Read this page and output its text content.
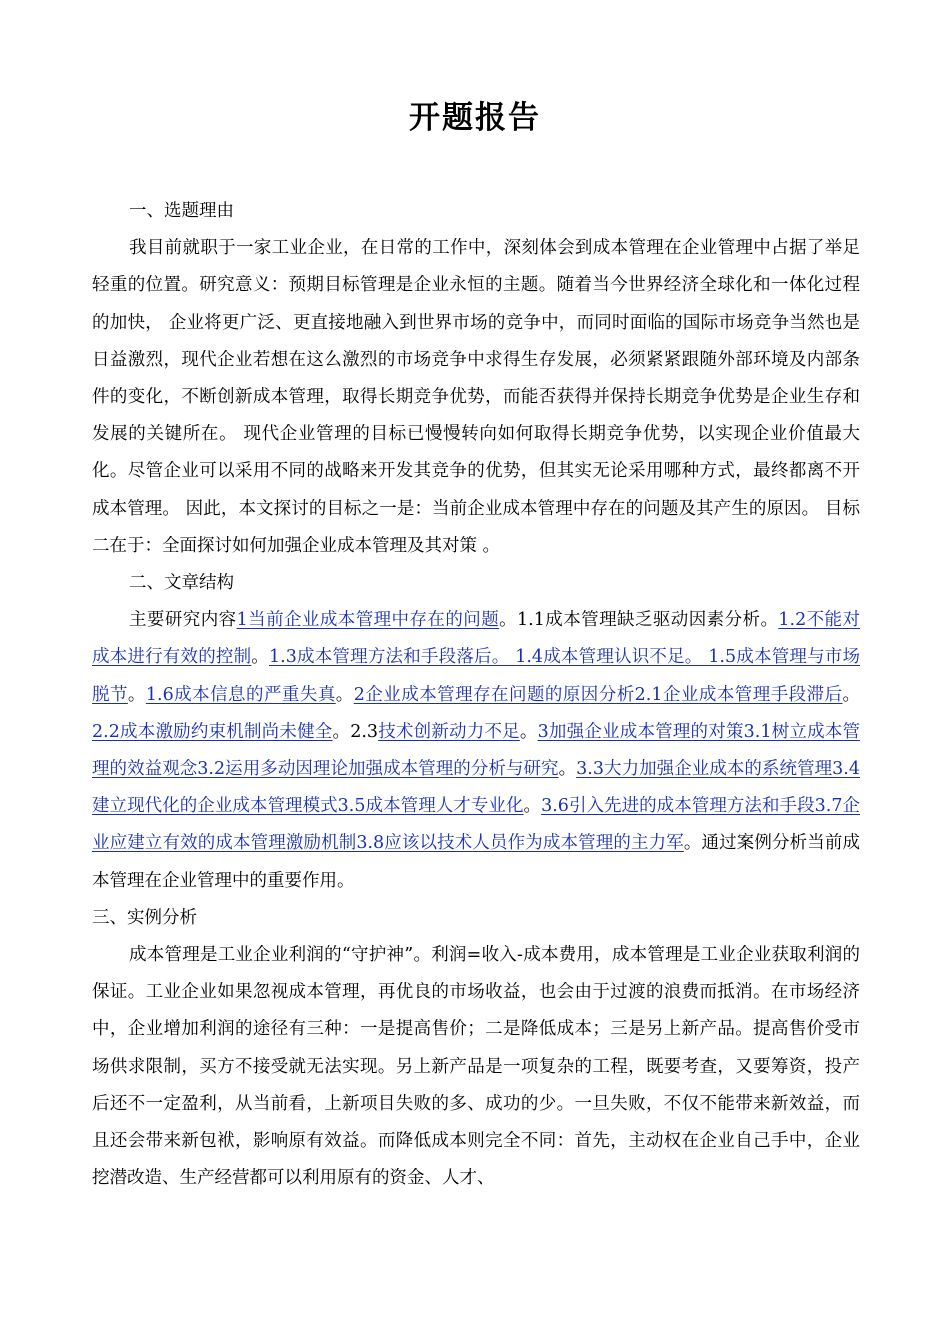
开题报告

一、选题理由

我目前就职于一家工业企业，在日常的工作中，深刻体会到成本管理在企业管理中占据了举足轻重的位置。研究意义：预期目标管理是企业永恒的主题。随着当今世界经济全球化和一体化过程的加快， 企业将更广泛、更直接地融入到世界市场的竞争中，而同时面临的国际市场竞争当然也是日益激烈，现代企业若想在这么激烈的市场竞争中求得生存发展，必须紧紧跟随外部环境及内部条件的变化，不断创新成本管理，取得长期竞争优势，而能否获得并保持长期竞争优势是企业生存和发展的关键所在。 现代企业管理的目标已慢慢转向如何取得长期竞争优势，以实现企业价值最大化。尽管企业可以采用不同的战略来开发其竞争的优势，但其实无论采用哪种方式，最终都离不开成本管理。 因此，本文探讨的目标之一是：当前企业成本管理中存在的问题及其产生的原因。 目标二在于：全面探讨如何加强企业成本管理及其对策 。

二、文章结构

主要研究内容1当前企业成本管理中存在的问题。1.1成本管理缺乏驱动因素分析。1.2不能对成本进行有效的控制。1.3成本管理方法和手段落后。 1.4成本管理认识不足。 1.5成本管理与市场脱节。1.6成本信息的严重失真。2企业成本管理存在问题的原因分析2.1企业成本管理手段滞后。2.2成本激励约束机制尚未健全。2.3技术创新动力不足。3加强企业成本管理的对策3.1树立成本管理的效益观念3.2运用多动因理论加强成本管理的分析与研究。3.3大力加强企业成本的系统管理3.4建立现代化的企业成本管理模式3.5成本管理人才专业化。3.6引入先进的成本管理方法和手段3.7企业应建立有效的成本管理激励机制3.8应该以技术人员作为成本管理的主力军。通过案例分析当前成本管理在企业管理中的重要作用。

三、实例分析

成本管理是工业企业利润的“守护神”。利润=收入-成本费用，成本管理是工业企业获取利润的保证。工业企业如果忽视成本管理，再优良的市场收益，也会由于过渡的浪费而抵消。在市场经济中，企业增加利润的途径有三种：一是提高售价；二是降低成本；三是另上新产品。提高售价受市场供求限制，买方不接受就无法实现。另上新产品是一项复杂的工程，既要考查，又要筹资，投产后还不一定盈利，从当前看，上新项目失败的多、成功的少。一旦失败，不仅不能带来新效益，而且还会带来新包袱，影响原有效益。而降低成本则完全不同：首先，主动权在企业自己手中，企业挖潜改造、生产经营都可以利用原有的资金、人才、
